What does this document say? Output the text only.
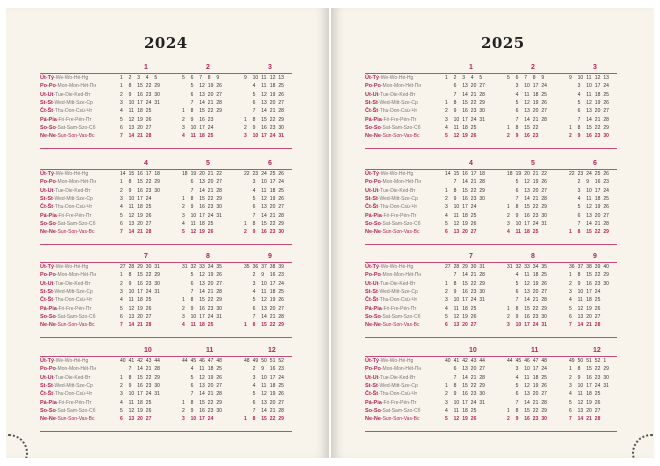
2024
Út-Tý-We-Wo-Hé-Hg
Po-Po-Mon-Mon-Hét-Пн
Ut-Ut-Tue-Die-Ked-Вт
St-St-Wed-Mitt-Sze-Ср
Čt-Št-Thu-Don-Csü-Чт
Pá-Pia-Fri-Fre-Pén-Пт
So-So-Sat-Sam-Szo-Сб
Ne-Ne-Sun-Son-Vas-Вс
1
1 2 3 4 5
1 8 15 22 29
2 9 16 23 30
3 10 17 24 31
4 11 18 25
5 12 19 26
6 13 20 27
7 14 21 28
2
5 6 7 8 9
5 12 19 26
6 13 20 27
7 14 21 28
1 8 15 22 29
2 9 16 23
3 10 17 24
4 11 18 25
3
9 10 11 12 13
4 11 18 25
5 12 19 26
6 13 20 27
7 14 21 28
1 8 15 22 29
2 9 16 23 30
3 10 17 24 31
Út-Tý-We-Wo-Hé-Hg
Po-Po-Mon-Mon-Hét-Пн
Ut-Ut-Tue-Die-Ked-Вт
St-St-Wed-Mitt-Sze-Ср
Čt-Št-Thu-Don-Csü-Чт
Pá-Pia-Fri-Fre-Pén-Пт
So-So-Sat-Sam-Szo-Сб
Ne-Ne-Sun-Son-Vas-Вс
4
14 15 16 17 18
1 8 15 22 29
2 9 16 23 30
3 10 17 24
4 11 18 25
5 12 19 26
6 13 20 27
7 14 21 28
5
18 19 20 21 22
6 13 20 27
7 14 21 28
1 8 15 22 29
2 9 16 23 30
3 10 17 24 31
4 11 18 25
5 12 19 26
6
22 23 24 25 26
3 10 17 24
4 11 18 25
5 12 19 26
6 13 20 27
7 14 21 28
1 8 15 22 29
2 9 16 23 30
Út-Tý-We-Wo-Hé-Hg
Po-Po-Mon-Mon-Hét-Пн
Ut-Ut-Tue-Die-Ked-Вт
St-St-Wed-Mitt-Sze-Ср
Čt-Št-Thu-Don-Csü-Чт
Pá-Pia-Fri-Fre-Pén-Пт
So-So-Sat-Sam-Szo-Сб
Ne-Ne-Sun-Son-Vas-Вс
7
27 28 29 30 31
1 8 15 22 29
2 9 16 23 30
3 10 17 24 31
4 11 18 25
5 12 19 26
6 13 20 27
7 14 21 28
8
31 32 33 34 35
5 12 19 26
6 13 20 27
7 14 21 28
1 8 15 22 29
2 9 16 23 30
3 10 17 24 31
4 11 18 25
9
35 36 37 38 39
2 9 16 23
3 10 17 24
4 11 18 25
5 12 19 26
6 13 20 27
7 14 21 28
1 8 15 22 29
Út-Tý-We-Wo-Hé-Hg
Po-Po-Mon-Mon-Hét-Пн
Ut-Ut-Tue-Die-Ked-Вт
St-St-Wed-Mitt-Sze-Ср
Čt-Št-Thu-Don-Csü-Чт
Pá-Pia-Fri-Fre-Pén-Пт
So-So-Sat-Sam-Szo-Сб
Ne-Ne-Sun-Son-Vas-Вс
10
40 41 42 43 44
7 14 21 28
1 8 15 22 29
2 9 16 23 30
3 10 17 24 31
4 11 18 25
5 12 19 26
6 13 20 27
11
44 45 46 47 48
4 11 18 25
5 12 19 26
6 13 20 27
7 14 21 28
1 8 15 22 29
2 9 16 23 30
3 10 17 24
12
48 49 50 51 52
2 9 16 23
3 10 17 24
4 11 18 25
5 12 19 26
6 13 20 27
7 14 21 28
1 8 15 22 29
2025
Út-Tý-We-Wo-Hé-Hg
Po-Po-Mon-Mon-Hét-Пн
Ut-Ut-Tue-Die-Ked-Вт
St-St-Wed-Mitt-Sze-Ср
Čt-Št-Thu-Don-Csü-Чт
Pá-Pia-Fri-Fre-Pén-Пт
So-So-Sat-Sam-Szo-Сб
Ne-Ne-Sun-Son-Vas-Вс
1
1 2 3 4 5
6 13 20 27
7 14 21 28
1 8 15 22 29
2 9 16 23 30
3 10 17 24 31
4 11 18 25
5 12 19 26
2
5 6 7 8 9
3 10 17 24
4 11 18 25
5 12 19 26
6 13 20 27
7 14 21 28
1 8 15 22
2 9 16 23
3
9 10 11 12 13
3 10 17 24
4 11 18 25
5 12 19 26
6 13 20 27
7 14 21 28
1 8 15 22 29
2 9 16 23 30
Út-Tý-We-Wo-Hé-Hg
Po-Po-Mon-Mon-Hét-Пн
Ut-Ut-Tue-Die-Ked-Вт
St-St-Wed-Mitt-Sze-Ср
Čt-Št-Thu-Don-Csü-Чт
Pá-Pia-Fri-Fre-Pén-Пт
So-So-Sat-Sam-Szo-Сб
Ne-Ne-Sun-Son-Vas-Вс
4
14 15 16 17 18
7 14 21 28
1 8 15 22 29
2 9 16 23 30
3 10 17 24
4 11 18 25
5 12 19 26
6 13 20 27
5
18 19 20 21 22
5 12 19 26
6 13 20 27
7 14 21 28
1 8 15 22 29
2 9 16 23 30
3 10 17 24 31
4 11 18 25
6
22 23 24 25 26
2 9 16 23
3 10 17 24
4 11 18 25
5 12 19 26
6 13 20 27
7 14 21 28
1 8 15 22 29
Út-Tý-We-Wo-Hé-Hg
Po-Po-Mon-Mon-Hét-Пн
Ut-Ut-Tue-Die-Ked-Вт
St-St-Wed-Mitt-Sze-Ср
Čt-Št-Thu-Don-Csü-Чт
Pá-Pia-Fri-Fre-Pén-Пт
So-So-Sat-Sam-Szo-Сб
Ne-Ne-Sun-Son-Vas-Вс
7
27 28 29 30 31
7 14 21 28
1 8 15 22 29
2 9 16 23 30
3 10 17 24 31
4 11 18 25
5 12 19 26
6 13 20 27
8
31 32 33 34 35
4 11 18 25
5 12 19 26
6 13 20 27
7 14 21 28
1 8 15 22 29
2 9 16 23 30
3 10 17 24 31
9
36 37 38 39 40
1 8 15 22 29
2 9 16 23 30
3 10 17 24
4 11 18 25
5 12 19 26
6 13 20 27
7 14 21 28
Út-Tý-We-Wo-Hé-Hg
Po-Po-Mon-Mon-Hét-Пн
Ut-Ut-Tue-Die-Ked-Вт
St-St-Wed-Mitt-Sze-Ср
Čt-Št-Thu-Don-Csü-Чт
Pá-Pia-Fri-Fre-Pén-Пт
So-So-Sat-Sam-Szo-Сб
Ne-Ne-Sun-Son-Vas-Вс
10
40 41 42 43 44
6 13 20 27
7 14 21 28
1 8 15 22 29
2 9 16 23 30
3 10 17 24 31
4 11 18 25
5 12 19 26
11
44 45 46 47 48
3 10 17 24
4 11 18 25
5 12 19 26
6 13 20 27
7 14 21 28
1 8 15 22 29
2 9 16 23 30
12
49 50 51 52 1
1 8 15 22 29
2 9 16 23 30
3 10 17 24 31
4 11 18 25
5 12 19 26
6 13 20 27
7 14 21 28
